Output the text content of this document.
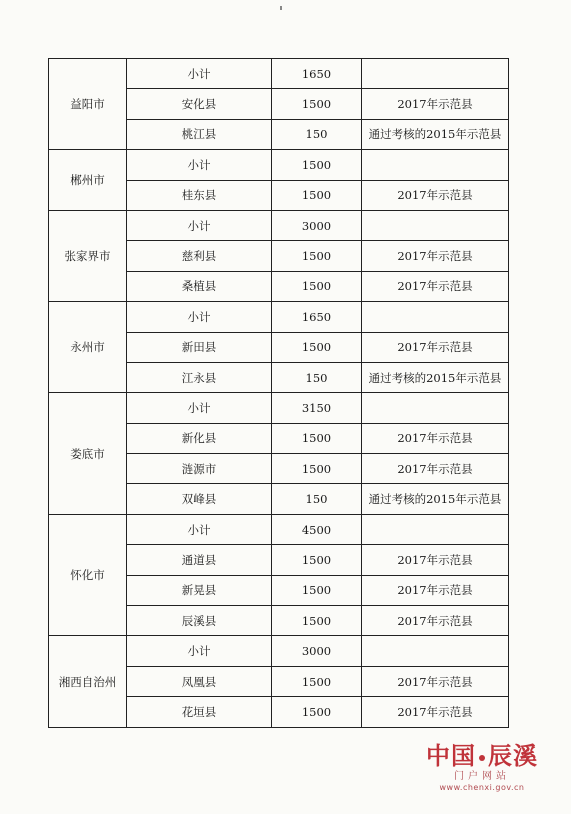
益阳市	小计	1650	
	安化县	1500	2017年示范县
	桃江县	150	通过考核的2015年示范县
郴州市	小计	1500	
	桂东县	1500	2017年示范县
张家界市	小计	3000	
	慈利县	1500	2017年示范县
	桑植县	1500	2017年示范县
永州市	小计	1650	
	新田县	1500	2017年示范县
	江永县	150	通过考核的2015年示范县
娄底市	小计	3150	
	新化县	1500	2017年示范县
	涟源市	1500	2017年示范县
	双峰县	150	通过考核的2015年示范县
怀化市	小计	4500	
	通道县	1500	2017年示范县
	新晃县	1500	2017年示范县
	辰溪县	1500	2017年示范县
湘西自治州	小计	3000	
	凤凰县	1500	2017年示范县
	花垣县	1500	2017年示范县
中国 辰溪
门户网站
www.chenxi.gov.cn
